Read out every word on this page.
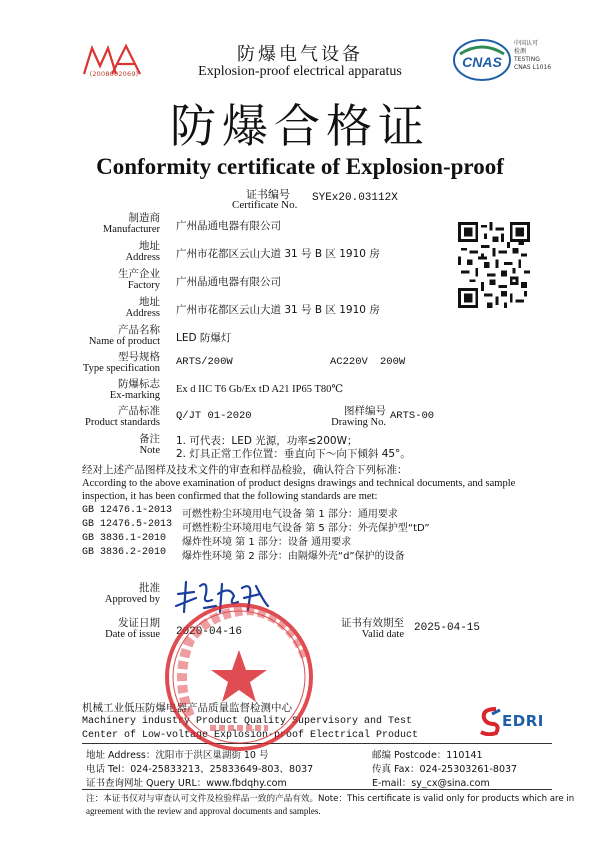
(2008002069)
CNAS
中国认可
检测
TESTING
CNAS L1016
防爆电气设备
Explosion-proof electrical apparatus
防爆合格证
Conformity certificate of Explosion-proof
证书编号
Certificate No.
SYEx20.03112X
制造商
Manufacturer 广州晶通电器有限公司
地址
Address 广州市花都区云山大道 31 号 B 区 1910 房
生产企业
Factory 广州晶通电器有限公司
地址
Address 广州市花都区云山大道 31 号 B 区 1910 房
产品名称
Name of product LED 防爆灯
型号规格
Type specification
ARTS/200W	AC220V 200W
防爆标志
Ex-marking
Ex d IIC T6 Gb/Ex tD A21 IP65 T80℃
产品标准
Product standards
Q/JT 01-2020	图样编号
Drawing No.
ARTS-00
备注
Note
1. 可代表：LED 光源，功率≤200W；
2. 灯具正常工作位置：垂直向下～向下倾斜 45°。
经对上述产品图样及技术文件的审查和样品检验，确认符合下列标准：
According to the above examination of product designs drawings and technical documents, and sample inspection, it has been confirmed that the following standards are met:
GB 12476.1-2013 可燃性粉尘环境用电气设备 第 1 部分：通用要求
GB 12476.5-2013 可燃性粉尘环境用电气设备 第 5 部分：外壳保护型“tD”
GB 3836.1-2010 爆炸性环境 第 1 部分：设备 通用要求
GB 3836.2-2010 爆炸性环境 第 2 部分：由隔爆外壳“d”保护的设备
批准
Approved by
发证日期
Date of issue 2020-04-16
证书有效期至
Valid date
2025-04-15
机械工业低压防爆电器产品质量监督检测中心
Machinery industry Product Quality Supervisory and Test
Center of Low-voltage Explosion-proof Electrical Product
EDRI
地址 Address：沈阳市于洪区巢湖街 10 号	邮编 Postcode：110141
电话 Tel：024-25833213、25833649-803、8037	传真 Fax：024-25303261-8037
证书查询网址 Query URL：www.fbdqhy.com	E-mail：sy_cx@sina.com
注：本证书仅对与审查认可文件及检验样品一致的产品有效。Note：This certificate is valid only for products which are in
agreement with the review and approval documents and samples.
